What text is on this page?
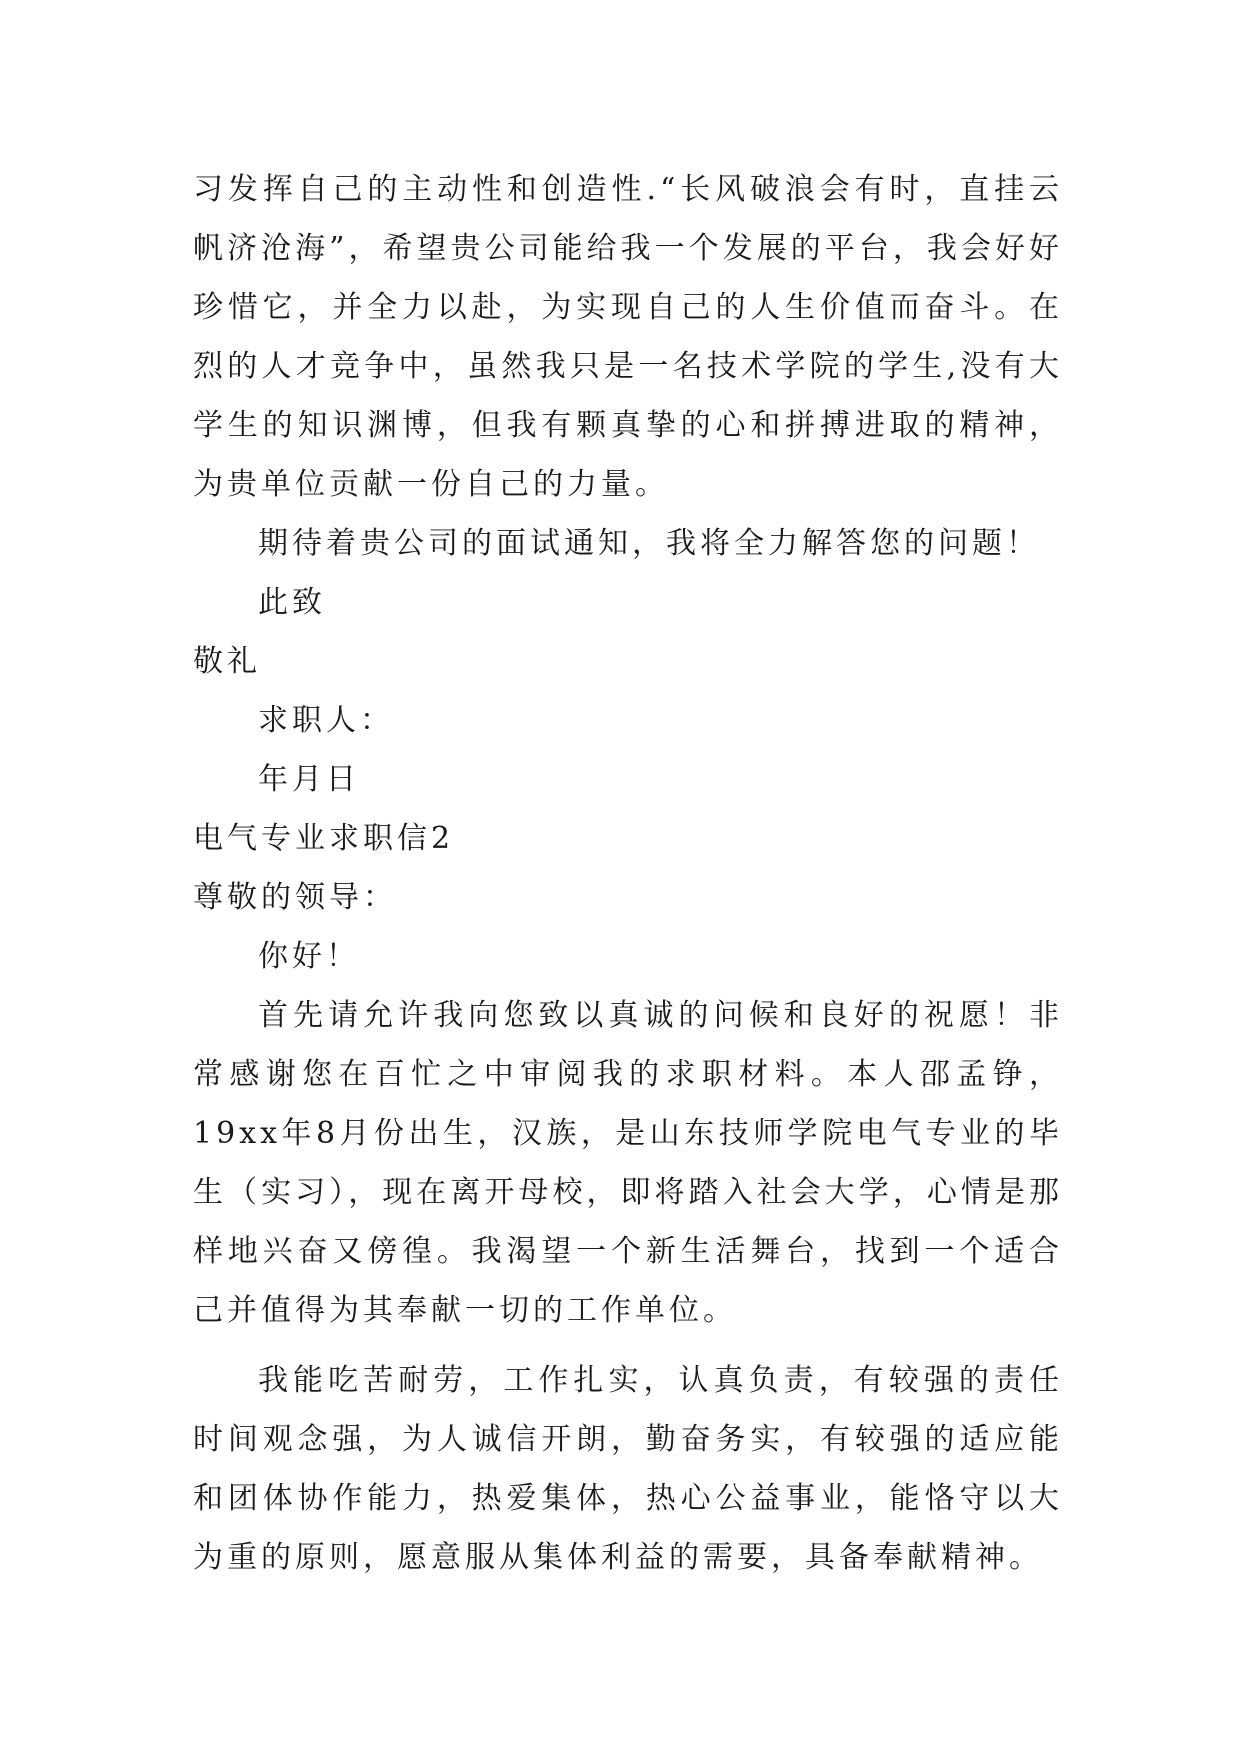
习发挥自己的主动性和创造性.“长风破浪会有时，直挂云
帆济沧海”，希望贵公司能给我一个发展的平台，我会好好
珍惜它，并全力以赴，为实现自己的人生价值而奋斗。在
烈的人才竞争中，虽然我只是一名技术学院的学生,没有大
学生的知识渊博，但我有颗真挚的心和拼搏进取的精神，
为贵单位贡献一份自己的力量。
期待着贵公司的面试通知，我将全力解答您的问题！
此致
敬礼
求职人：
年月日
电气专业求职信2
尊敬的领导：
你好！
首先请允许我向您致以真诚的问候和良好的祝愿！非
常感谢您在百忙之中审阅我的求职材料。本人邵孟铮，
19xx年8月份出生，汉族，是山东技师学院电气专业的毕
生（实习），现在离开母校，即将踏入社会大学，心情是那
样地兴奋又傍徨。我渴望一个新生活舞台，找到一个适合
己并值得为其奉献一切的工作单位。
我能吃苦耐劳，工作扎实，认真负责，有较强的责任
时间观念强，为人诚信开朗，勤奋务实，有较强的适应能
和团体协作能力，热爱集体，热心公益事业，能恪守以大
为重的原则，愿意服从集体利益的需要，具备奉献精神。
